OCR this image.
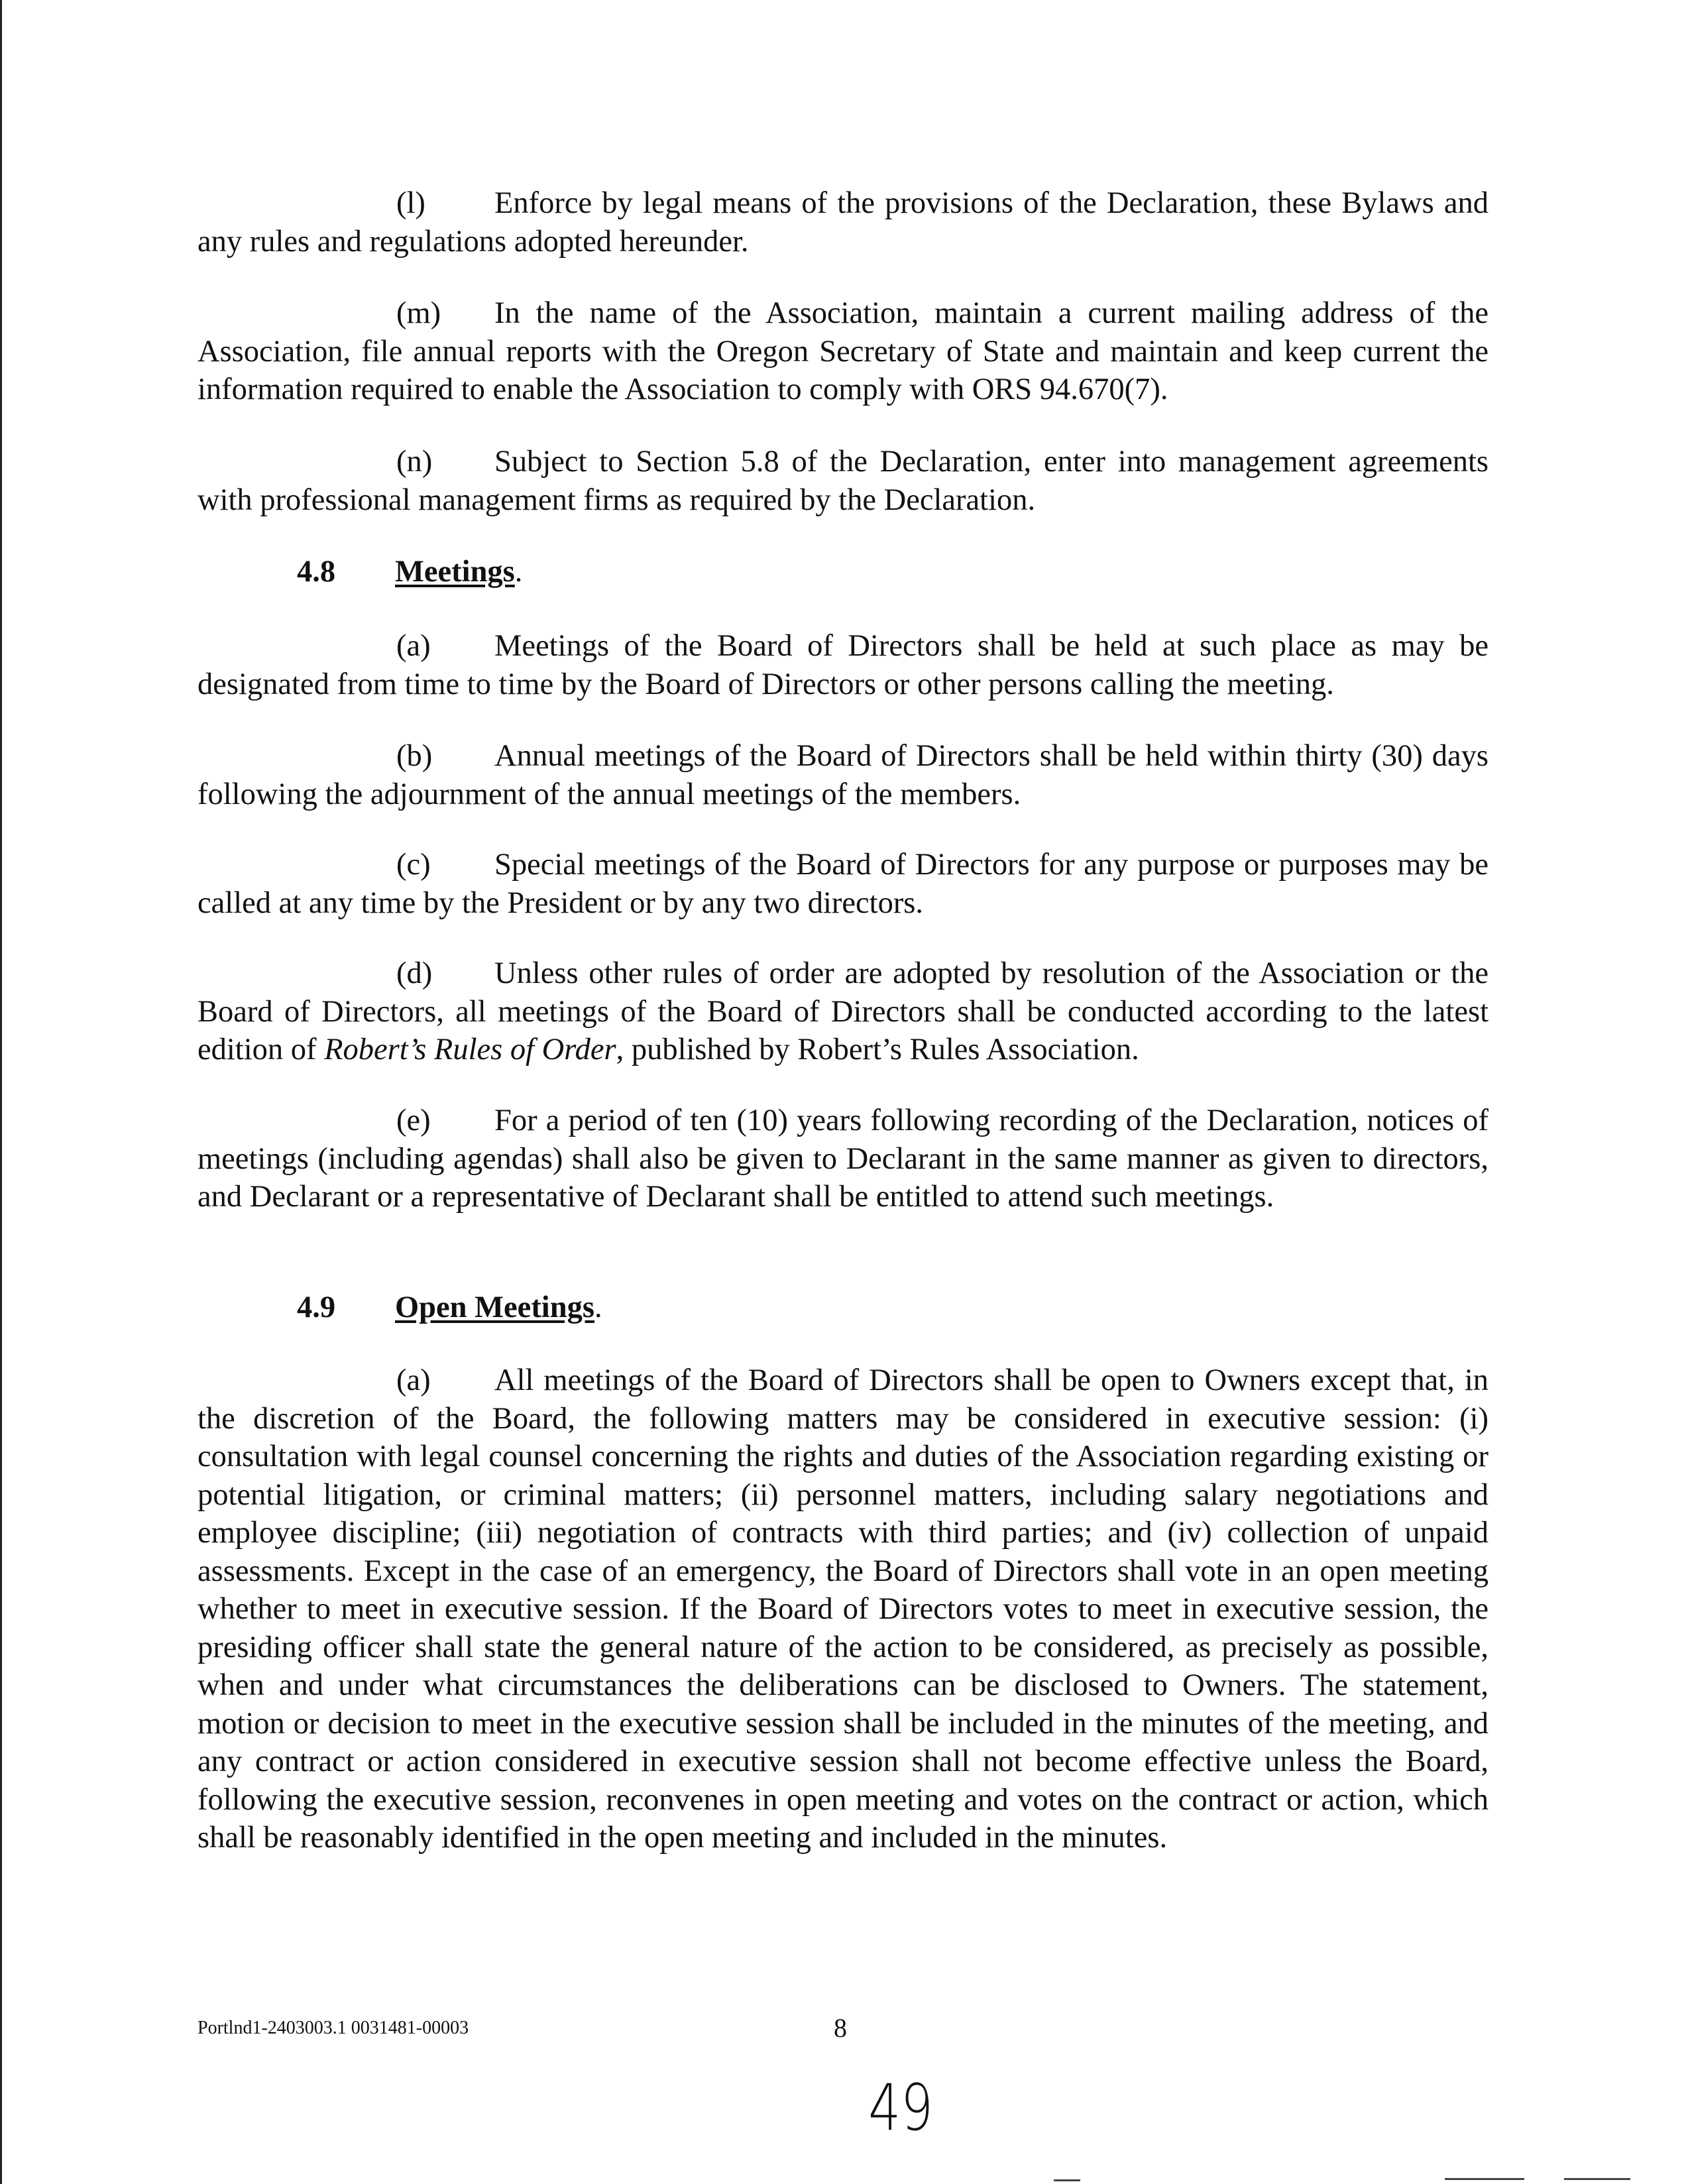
(l) Enforce by legal means of the provisions of the Declaration, these Bylaws and any rules and regulations adopted hereunder.

(m) In the name of the Association, maintain a current mailing address of the Association, file annual reports with the Oregon Secretary of State and maintain and keep current the information required to enable the Association to comply with ORS 94.670(7).

(n) Subject to Section 5.8 of the Declaration, enter into management agreements with professional management firms as required by the Declaration.

4.8 Meetings.

(a) Meetings of the Board of Directors shall be held at such place as may be designated from time to time by the Board of Directors or other persons calling the meeting.

(b) Annual meetings of the Board of Directors shall be held within thirty (30) days following the adjournment of the annual meetings of the members.

(c) Special meetings of the Board of Directors for any purpose or purposes may be called at any time by the President or by any two directors.

(d) Unless other rules of order are adopted by resolution of the Association or the Board of Directors, all meetings of the Board of Directors shall be conducted according to the latest edition of Robert’s Rules of Order, published by Robert’s Rules Association.

(e) For a period of ten (10) years following recording of the Declaration, notices of meetings (including agendas) shall also be given to Declarant in the same manner as given to directors, and Declarant or a representative of Declarant shall be entitled to attend such meetings.

4.9 Open Meetings.

(a) All meetings of the Board of Directors shall be open to Owners except that, in the discretion of the Board, the following matters may be considered in executive session: (i) consultation with legal counsel concerning the rights and duties of the Association regarding existing or potential litigation, or criminal matters; (ii) personnel matters, including salary negotiations and employee discipline; (iii) negotiation of contracts with third parties; and (iv) collection of unpaid assessments. Except in the case of an emergency, the Board of Directors shall vote in an open meeting whether to meet in executive session. If the Board of Directors votes to meet in executive session, the presiding officer shall state the general nature of the action to be considered, as precisely as possible, when and under what circumstances the deliberations can be disclosed to Owners. The statement, motion or decision to meet in the executive session shall be included in the minutes of the meeting, and any contract or action considered in executive session shall not become effective unless the Board, following the executive session, reconvenes in open meeting and votes on the contract or action, which shall be reasonably identified in the open meeting and included in the minutes.

Portlnd1-2403003.1 0031481-00003	8
49
